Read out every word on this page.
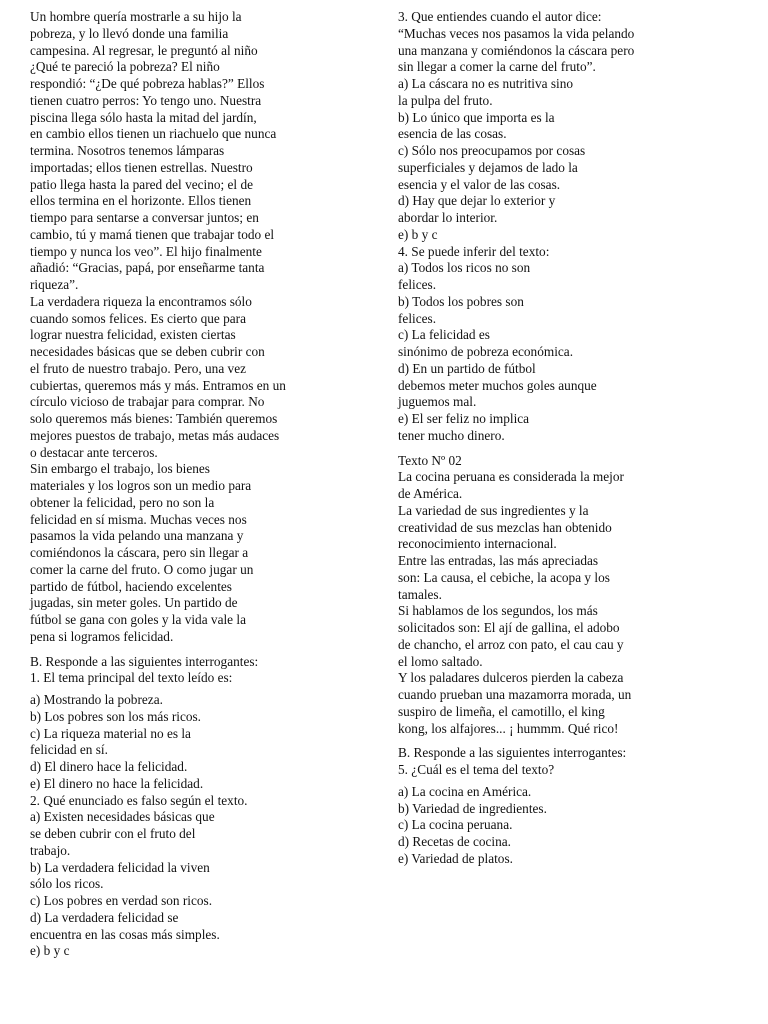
Un hombre quería mostrarle a su hijo la
pobreza, y lo llevó donde una familia
campesina. Al regresar, le preguntó al niño
¿Qué te pareció la pobreza? El niño
respondió: “¿De qué pobreza hablas?” Ellos
tienen cuatro perros: Yo tengo uno. Nuestra
piscina llega sólo hasta la mitad del jardín,
en cambio ellos tienen un riachuelo que nunca
termina. Nosotros tenemos lámparas
importadas; ellos tienen estrellas. Nuestro
patio llega hasta la pared del vecino; el de
ellos termina en el horizonte. Ellos tienen
tiempo para sentarse a conversar juntos; en
cambio, tú y mamá tienen que trabajar todo el
tiempo y nunca los veo”. El hijo finalmente
añadió: “Gracias, papá, por enseñarme tanta
riqueza”.
La verdadera riqueza la encontramos sólo
cuando somos felices. Es cierto que para
lograr nuestra felicidad, existen ciertas
necesidades básicas que se deben cubrir con
el fruto de nuestro trabajo. Pero, una vez
cubiertas, queremos más y más. Entramos en un
círculo vicioso de trabajar para comprar. No
solo queremos más bienes: También queremos
mejores puestos de trabajo, metas más audaces
o destacar ante terceros.
Sin embargo el trabajo, los bienes
materiales y los logros son un medio para
obtener la felicidad, pero no son la
felicidad en sí misma. Muchas veces nos
pasamos la vida pelando una manzana y
comiéndonos la cáscara, pero sin llegar a
comer la carne del fruto. O como jugar un
partido de fútbol, haciendo excelentes
jugadas, sin meter goles. Un partido de
fútbol se gana con goles y la vida vale la
pena si logramos felicidad.
B. Responde a las siguientes interrogantes:
1. El tema principal del texto leído es:
a) Mostrando la pobreza.
b) Los pobres son los más ricos.
c) La riqueza material no es la
felicidad en sí.
d) El dinero hace la felicidad.
e) El dinero no hace la felicidad.
2. Qué enunciado es falso según el texto.
a) Existen necesidades básicas que
se deben cubrir con el fruto del
trabajo.
b) La verdadera felicidad la viven
sólo los ricos.
c) Los pobres en verdad son ricos.
d) La verdadera felicidad se
encuentra en las cosas más simples.
e) b y c
3. Que entiendes cuando el autor dice:
“Muchas veces nos pasamos la vida pelando
una manzana y comiéndonos la cáscara pero
sin llegar a comer la carne del fruto”.
a) La cáscara no es nutritiva sino
la pulpa del fruto.
b) Lo único que importa es la
esencia de las cosas.
c) Sólo nos preocupamos por cosas
superficiales y dejamos de lado la
esencia y el valor de las cosas.
d) Hay que dejar lo exterior y
abordar lo interior.
e) b y c
4. Se puede inferir del texto:
a) Todos los ricos no son
felices.
b) Todos los pobres son
felices.
c) La felicidad es
sinónimo de pobreza económica.
d) En un partido de fútbol
debemos meter muchos goles aunque
juguemos mal.
e) El ser feliz no implica
tener mucho dinero.
Texto Nº 02
La cocina peruana es considerada la mejor
de América.
La variedad de sus ingredientes y la
creatividad de sus mezclas han obtenido
reconocimiento internacional.
Entre las entradas, las más apreciadas
son: La causa, el cebiche, la acopa y los
tamales.
Si hablamos de los segundos, los más
solicitados son: El ají de gallina, el adobo
de chancho, el arroz con pato, el cau cau y
el lomo saltado.
Y los paladares dulceros pierden la cabeza
cuando prueban una mazamorra morada, un
suspiro de limeña, el camotillo, el king
kong, los alfajores... ¡ hummm. Qué rico!
B. Responde a las siguientes interrogantes:
5. ¿Cuál es el tema del texto?
a) La cocina en América.
b) Variedad de ingredientes.
c) La cocina peruana.
d) Recetas de cocina.
e) Variedad de platos.
